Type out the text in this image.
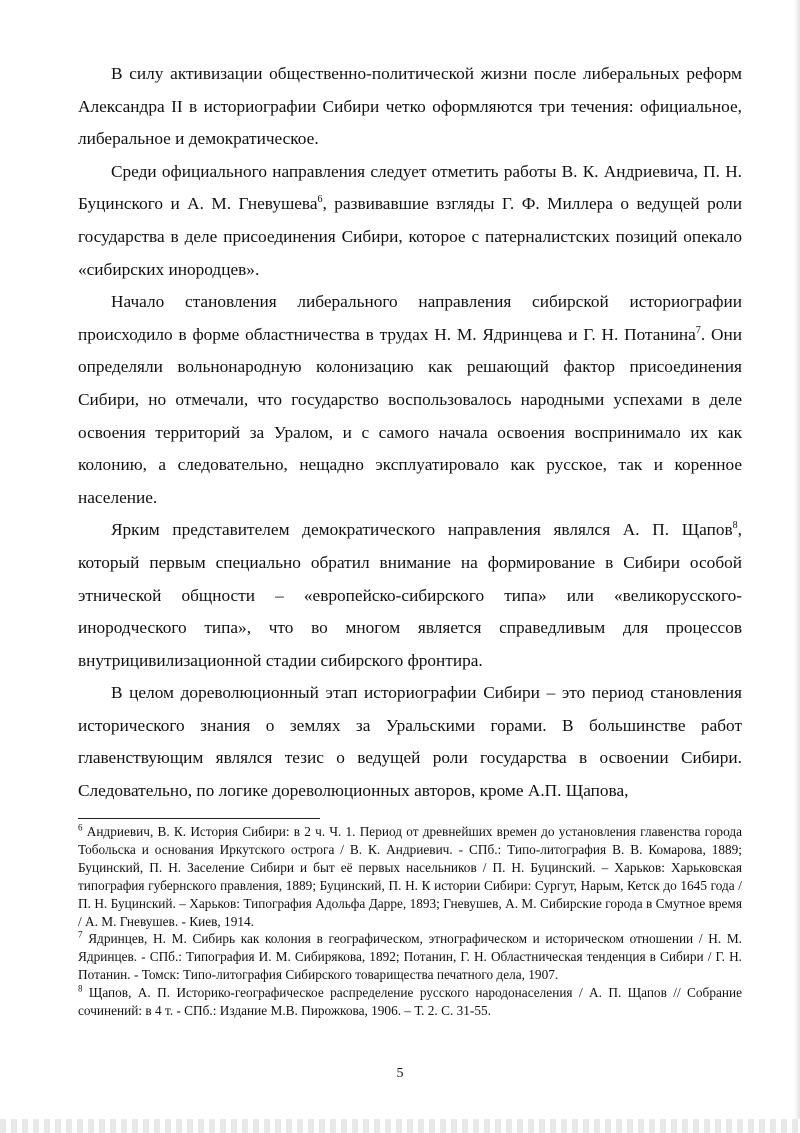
В силу активизации общественно-политической жизни после либеральных реформ Александра II в историографии Сибири четко оформляются три течения: официальное, либеральное и демократическое.

Среди официального направления следует отметить работы В. К. Андриевича, П. Н. Буцинского и А. М. Гневушева$^6$, развивавшие взгляды Г. Ф. Миллера о ведущей роли государства в деле присоединения Сибири, которое с патерналистских позиций опекало «сибирских инородцев».

Начало становления либерального направления сибирской историографии происходило в форме областничества в трудах Н. М. Ядринцева и Г. Н. Потанина$^7$. Они определяли вольнонародную колонизацию как решающий фактор присоединения Сибири, но отмечали, что государство воспользовалось народными успехами в деле освоения территорий за Уралом, и с самого начала освоения воспринимало их как колонию, а следовательно, нещадно эксплуатировало как русское, так и коренное население.

Ярким представителем демократического направления являлся А. П. Щапов$^8$, который первым специально обратил внимание на формирование в Сибири особой этнической общности – «европейско-сибирского типа» или «великорусского-инородческого типа», что во многом является справедливым для процессов внутрицивилизационной стадии сибирского фронтира.

В целом дореволюционный этап историографии Сибири – это период становления исторического знания о землях за Уральскими горами. В большинстве работ главенствующим являлся тезис о ведущей роли государства в освоении Сибири. Следовательно, по логике дореволюционных авторов, кроме А.П. Щапова,

$^6$ Андриевич, В. К. История Сибири: в 2 ч. Ч. 1. Период от древнейших времен до установления главенства города Тобольска и основания Иркутского острога / В. К. Андриевич. - СПб.: Типо-литография В. В. Комарова, 1889; Буцинский, П. Н. Заселение Сибири и быт её первых насельников / П. Н. Буцинский. – Харьков: Харьковская типография губернского правления, 1889; Буцинский, П. Н. К истории Сибири: Сургут, Нарым, Кетск до 1645 года / П. Н. Буцинский. – Харьков: Типография Адольфа Дарре, 1893; Гневушев, А. М. Сибирские города в Смутное время / А. М. Гневушев. - Киев, 1914.

$^7$ Ядринцев, Н. М. Сибирь как колония в географическом, этнографическом и историческом отношении / Н. М. Ядринцев. - СПб.: Типография И. М. Сибирякова, 1892; Потанин, Г. Н. Областническая тенденция в Сибири / Г. Н. Потанин. - Томск: Типо-литография Сибирского товарищества печатного дела, 1907.

$^8$ Щапов, А. П. Историко-географическое распределение русского народонаселения / А. П. Щапов // Собрание сочинений: в 4 т. - СПб.: Издание М.В. Пирожкова, 1906. – Т. 2. С. 31-55.

5
